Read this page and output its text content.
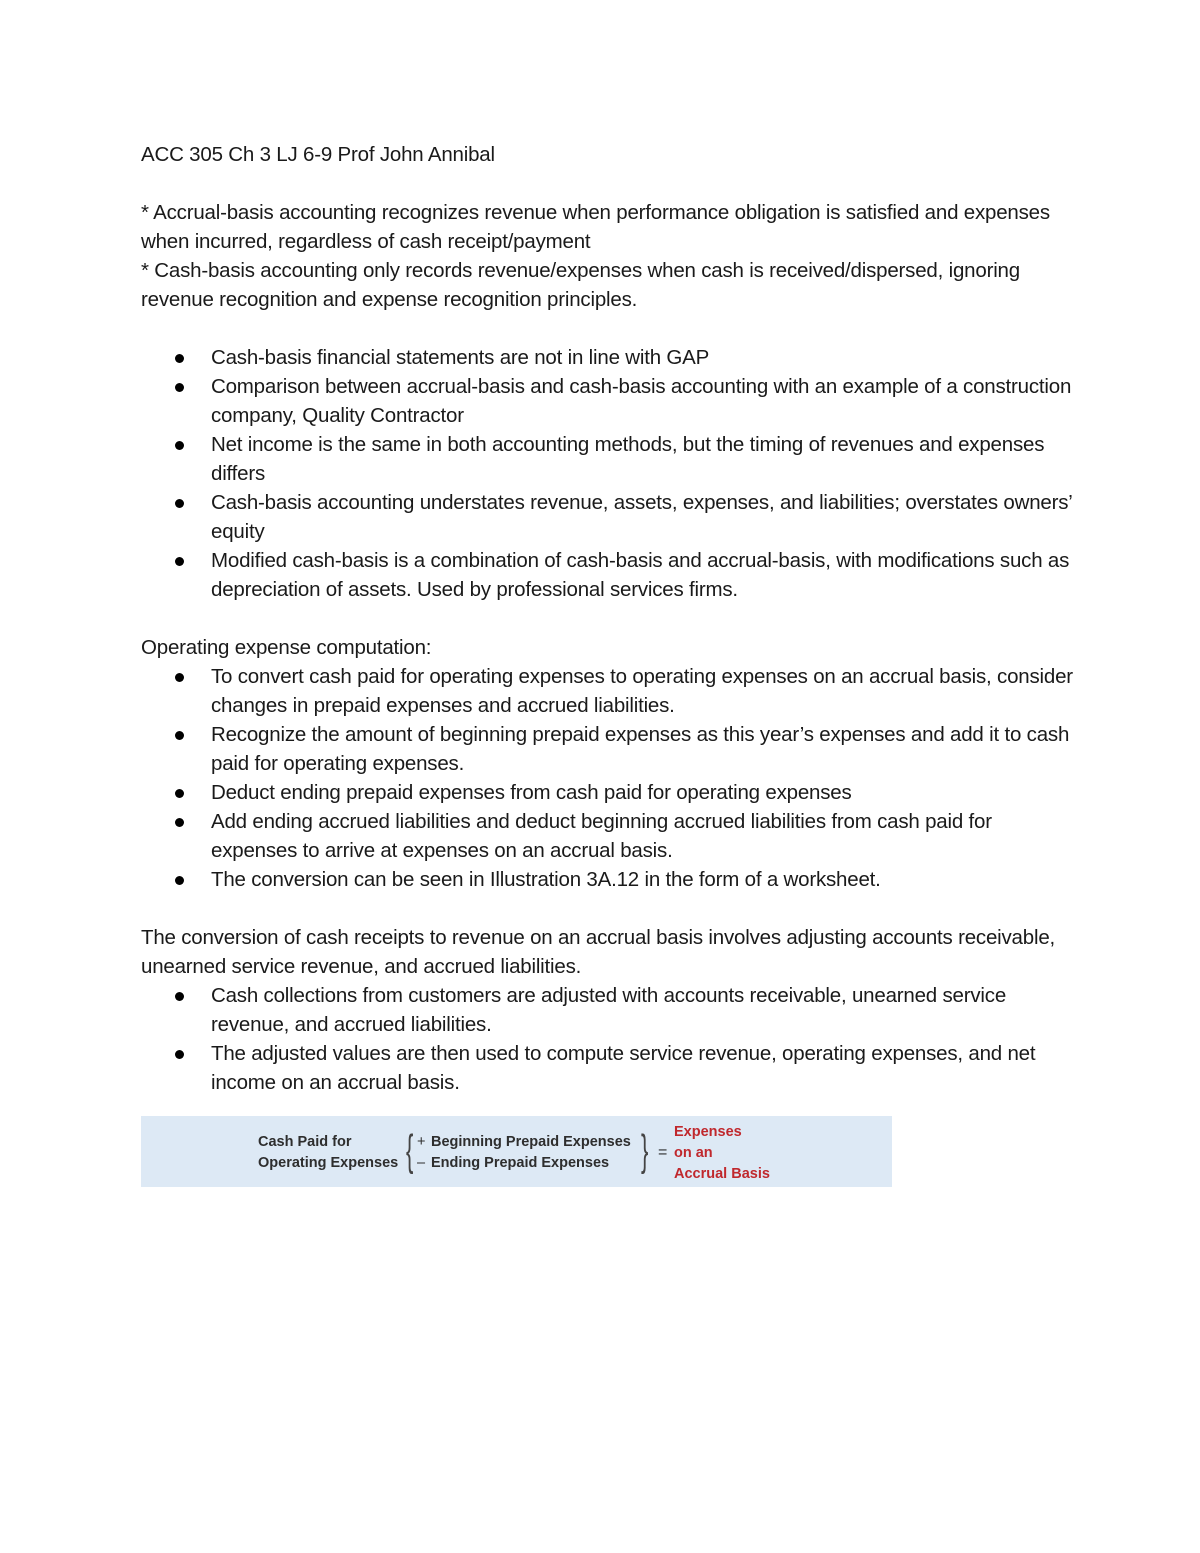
ACC 305 Ch 3 LJ 6-9 Prof John Annibal
* Accrual-basis accounting recognizes revenue when performance obligation is satisfied and expenses when incurred, regardless of cash receipt/payment
* Cash-basis accounting only records revenue/expenses when cash is received/dispersed, ignoring revenue recognition and expense recognition principles.
Cash-basis financial statements are not in line with GAP
Comparison between accrual-basis and cash-basis accounting with an example of a construction company, Quality Contractor
Net income is the same in both accounting methods, but the timing of revenues and expenses differs
Cash-basis accounting understates revenue, assets, expenses, and liabilities; overstates owners’ equity
Modified cash-basis is a combination of cash-basis and accrual-basis, with modifications such as depreciation of assets. Used by professional services firms.
Operating expense computation:
To convert cash paid for operating expenses to operating expenses on an accrual basis, consider changes in prepaid expenses and accrued liabilities.
Recognize the amount of beginning prepaid expenses as this year’s expenses and add it to cash paid for operating expenses.
Deduct ending prepaid expenses from cash paid for operating expenses
Add ending accrued liabilities and deduct beginning accrued liabilities from cash paid for expenses to arrive at expenses on an accrual basis.
The conversion can be seen in Illustration 3A.12 in the form of a worksheet.
The conversion of cash receipts to revenue on an accrual basis involves adjusting accounts receivable, unearned service revenue, and accrued liabilities.
Cash collections from customers are adjusted with accounts receivable, unearned service revenue, and accrued liabilities.
The adjusted values are then used to compute service revenue, operating expenses, and net income on an accrual basis.
Cash Paid for
Operating Expenses { + Beginning Prepaid Expenses
– Ending Prepaid Expenses } =
Expenses
on an
Accrual Basis
